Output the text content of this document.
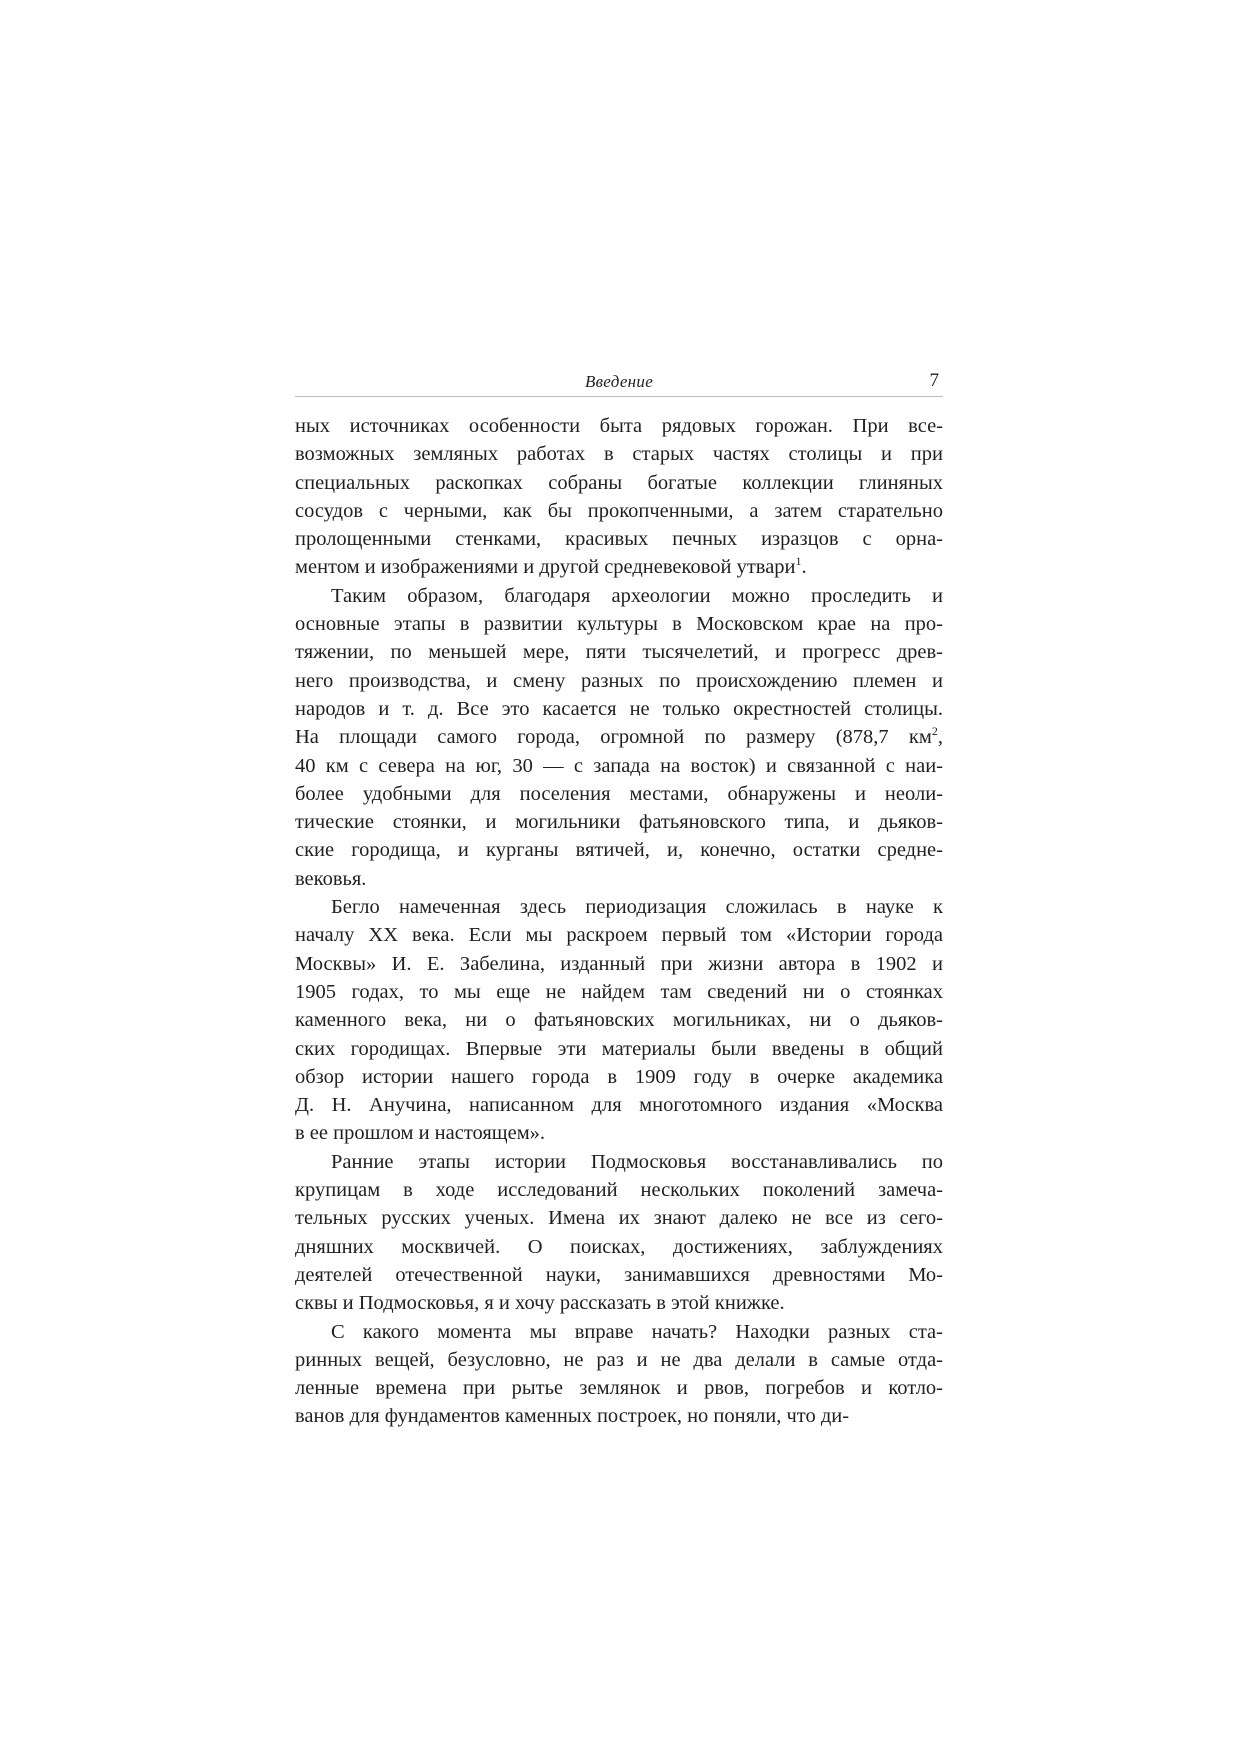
Введение	7
ных источниках особенности быта рядовых горожан. При все-
возможных земляных работах в старых частях столицы и при
специальных раскопках собраны богатые коллекции глиняных
сосудов с черными, как бы прокопченными, а затем старательно
пролощенными стенками, красивых печных изразцов с орна-
ментом и изображениями и другой средневековой утвари$^1$.
Таким образом, благодаря археологии можно проследить и
основные этапы в развитии культуры в Московском крае на про-
тяжении, по меньшей мере, пяти тысячелетий, и прогресс древ-
него производства, и смену разных по происхождению племен и
народов и т. д. Все это касается не только окрестностей столицы.
На площади самого города, огромной по размеру (878,7 $км^2$,
40 км с севера на юг, 30 — с запада на восток) и связанной с наи-
более удобными для поселения местами, обнаружены и неоли-
тические стоянки, и могильники фатьяновского типа, и дьяков-
ские городища, и курганы вятичей, и, конечно, остатки средне-
вековья.
Бегло намеченная здесь периодизация сложилась в науке к
началу XX века. Если мы раскроем первый том «Истории города
Москвы» И. Е. Забелина, изданный при жизни автора в 1902 и
1905 годах, то мы еще не найдем там сведений ни о стоянках
каменного века, ни о фатьяновских могильниках, ни о дьяков-
ских городищах. Впервые эти материалы были введены в общий
обзор истории нашего города в 1909 году в очерке академика
Д. Н. Анучина, написанном для многотомного издания «Москва
в ее прошлом и настоящем».
Ранние этапы истории Подмосковья восстанавливались по
крупицам в ходе исследований нескольких поколений замеча-
тельных русских ученых. Имена их знают далеко не все из сего-
дняшних москвичей. О поисках, достижениях, заблуждениях
деятелей отечественной науки, занимавшихся древностями Мо-
сквы и Подмосковья, я и хочу рассказать в этой книжке.
С какого момента мы вправе начать? Находки разных ста-
ринных вещей, безусловно, не раз и не два делали в самые отда-
ленные времена при рытье землянок и рвов, погребов и котло-
ванов для фундаментов каменных построек, но поняли, что ди-
